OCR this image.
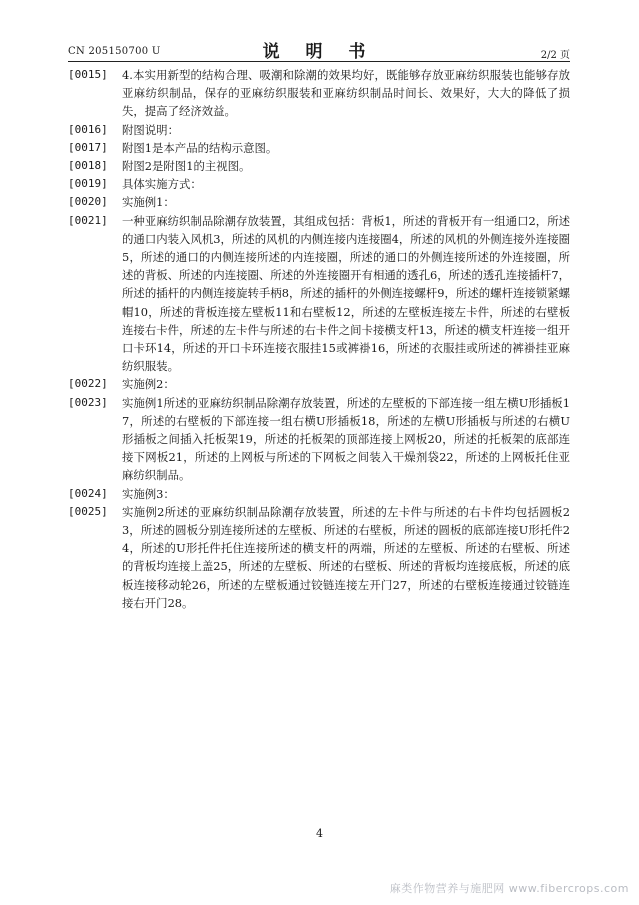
CN 205150700 U	说 明 书	2/2 页
[0015]	4.本实用新型的结构合理、吸潮和除潮的效果均好，既能够存放亚麻纺织服装也能够存放亚麻纺织制品，保存的亚麻纺织服装和亚麻纺织制品时间长、效果好，大大的降低了损失，提高了经济效益。
[0016]	附图说明：
[0017]	附图1是本产品的结构示意图。
[0018]	附图2是附图1的主视图。
[0019]	具体实施方式：
[0020]	实施例1：
[0021]	一种亚麻纺织制品除潮存放装置，其组成包括：背板1，所述的背板开有一组通口2，所述的通口内装入风机3，所述的风机的内侧连接内连接圈4，所述的风机的外侧连接外连接圈5，所述的通口的内侧连接所述的内连接圈，所述的通口的外侧连接所述的外连接圈，所述的背板、所述的内连接圈、所述的外连接圈开有相通的透孔6，所述的透孔连接插杆7，所述的插杆的内侧连接旋转手柄8，所述的插杆的外侧连接螺杆9，所述的螺杆连接锁紧螺帽10，所述的背板连接左壁板11和右壁板12，所述的左壁板连接左卡件，所述的右壁板连接右卡件，所述的左卡件与所述的右卡件之间卡接横支杆13，所述的横支杆连接一组开口卡环14，所述的开口卡环连接衣服挂15或裤褂16，所述的衣服挂或所述的裤褂挂亚麻纺织服装。
[0022]	实施例2：
[0023]	实施例1所述的亚麻纺织制品除潮存放装置，所述的左壁板的下部连接一组左横U形插板17，所述的右壁板的下部连接一组右横U形插板18，所述的左横U形插板与所述的右横U形插板之间插入托板架19，所述的托板架的顶部连接上网板20，所述的托板架的底部连接下网板21，所述的上网板与所述的下网板之间装入干燥剂袋22，所述的上网板托住亚麻纺织制品。
[0024]	实施例3：
[0025]	实施例2所述的亚麻纺织制品除潮存放装置，所述的左卡件与所述的右卡件均包括圆板23，所述的圆板分别连接所述的左壁板、所述的右壁板，所述的圆板的底部连接U形托件24，所述的U形托件托住连接所述的横支杆的两端，所述的左壁板、所述的右壁板、所述的背板均连接上盖25，所述的左壁板、所述的右壁板、所述的背板均连接底板，所述的底板连接移动轮26，所述的左壁板通过铰链连接左开门27，所述的右壁板连接通过铰链连接右开门28。
4
麻类作物营养与施肥网 www.fibercrops.com
